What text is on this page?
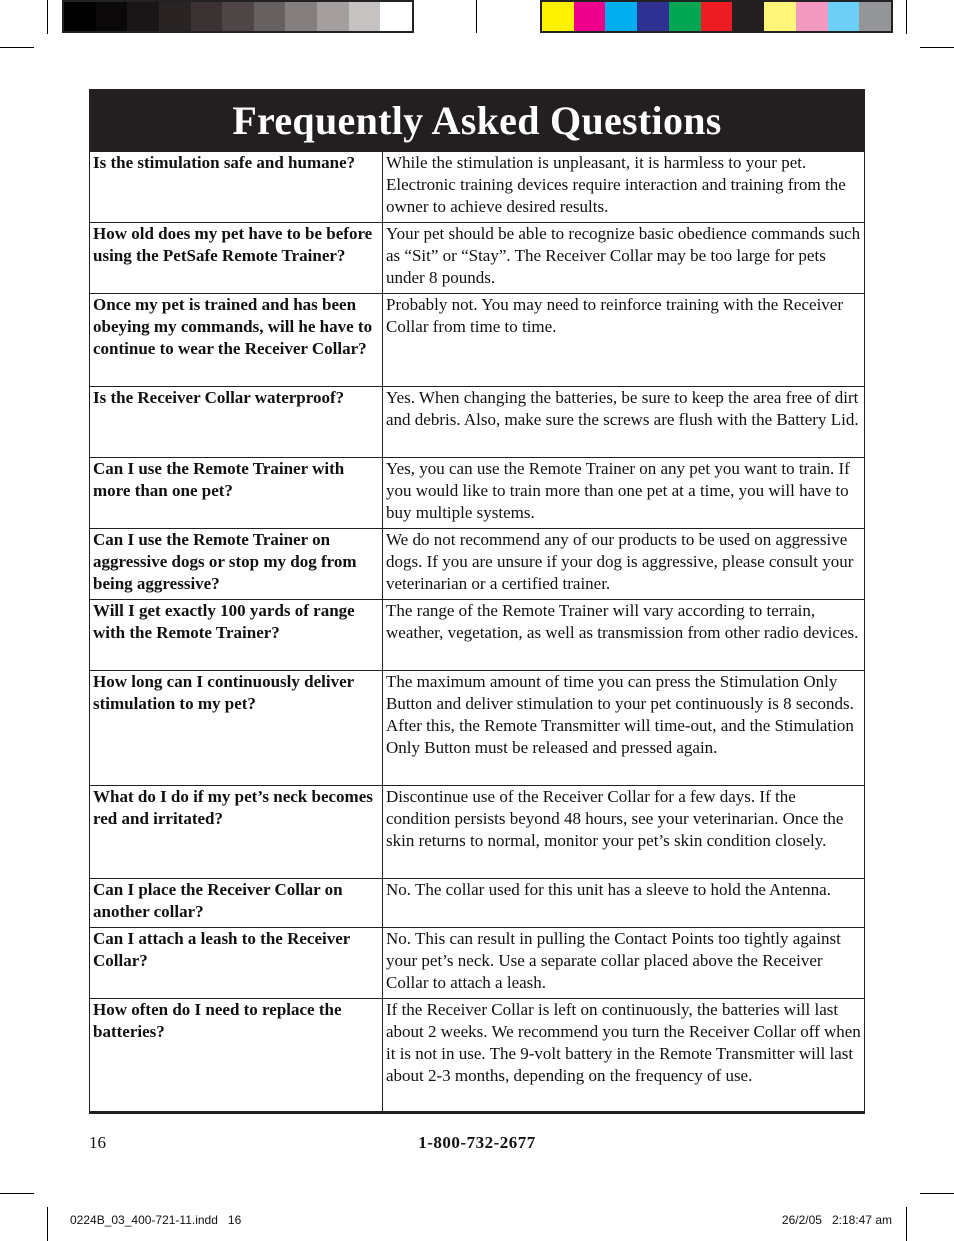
Frequently Asked Questions
Is the stimulation safe and humane?	While the stimulation is unpleasant, it is harmless to your pet. Electronic training devices require interaction and training from the owner to achieve desired results.
How old does my pet have to be before using the PetSafe Remote Trainer?	Your pet should be able to recognize basic obedience commands such as “Sit” or “Stay”. The Receiver Collar may be too large for pets under 8 pounds.
Once my pet is trained and has been obeying my commands, will he have to continue to wear the Receiver Collar?	Probably not. You may need to reinforce training with the Receiver Collar from time to time.
Is the Receiver Collar waterproof?	Yes. When changing the batteries, be sure to keep the area free of dirt and debris. Also, make sure the screws are flush with the Battery Lid.
Can I use the Remote Trainer with more than one pet?	Yes, you can use the Remote Trainer on any pet you want to train. If you would like to train more than one pet at a time, you will have to buy multiple systems.
Can I use the Remote Trainer on aggressive dogs or stop my dog from being aggressive?	We do not recommend any of our products to be used on aggressive dogs. If you are unsure if your dog is aggressive, please consult your veterinarian or a certified trainer.
Will I get exactly 100 yards of range with the Remote Trainer?	The range of the Remote Trainer will vary according to terrain, weather, vegetation, as well as transmission from other radio devices.
How long can I continuously deliver stimulation to my pet?	The maximum amount of time you can press the Stimulation Only Button and deliver stimulation to your pet continuously is 8 seconds. After this, the Remote Transmitter will time-out, and the Stimulation Only Button must be released and pressed again.
What do I do if my pet’s neck becomes red and irritated?	Discontinue use of the Receiver Collar for a few days. If the condition persists beyond 48 hours, see your veterinarian. Once the skin returns to normal, monitor your pet’s skin condition closely.
Can I place the Receiver Collar on another collar?	No. The collar used for this unit has a sleeve to hold the Antenna.
Can I attach a leash to the Receiver Collar?	No. This can result in pulling the Contact Points too tightly against your pet’s neck. Use a separate collar placed above the Receiver Collar to attach a leash.
How often do I need to replace the batteries?	If the Receiver Collar is left on continuously, the batteries will last about 2 weeks. We recommend you turn the Receiver Collar off when it is not in use. The 9-volt battery in the Remote Transmitter will last about 2-3 months, depending on the frequency of use.
16	1-800-732-2677
0224B_03_400-721-11.indd   16	26/2/05   2:18:47 am
